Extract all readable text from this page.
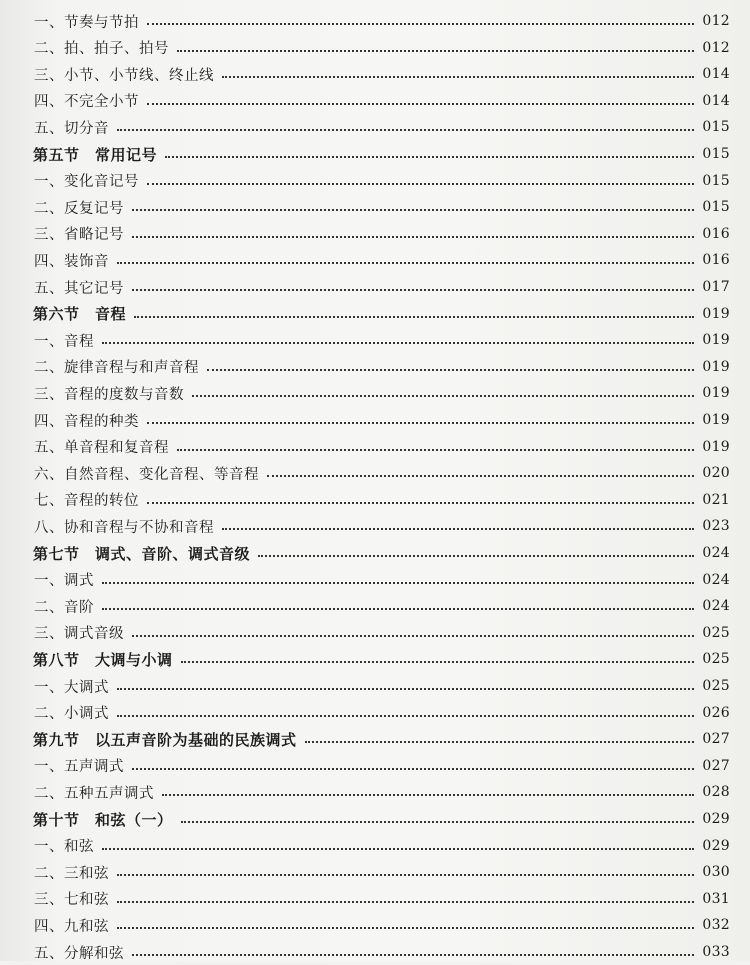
一、节奏与节拍	012
二、拍、拍子、拍号	012
三、小节、小节线、终止线	014
四、不完全小节	014
五、切分音	015
第五节　常用记号	015
一、变化音记号	015
二、反复记号	015
三、省略记号	016
四、装饰音	016
五、其它记号	017
第六节　音程	019
一、音程	019
二、旋律音程与和声音程	019
三、音程的度数与音数	019
四、音程的种类	019
五、单音程和复音程	019
六、自然音程、变化音程、等音程	020
七、音程的转位	021
八、协和音程与不协和音程	023
第七节　调式、音阶、调式音级	024
一、调式	024
二、音阶	024
三、调式音级	025
第八节　大调与小调	025
一、大调式	025
二、小调式	026
第九节　以五声音阶为基础的民族调式	027
一、五声调式	027
二、五种五声调式	028
第十节　和弦（一）	029
一、和弦	029
二、三和弦	030
三、七和弦	031
四、九和弦	032
五、分解和弦	033
